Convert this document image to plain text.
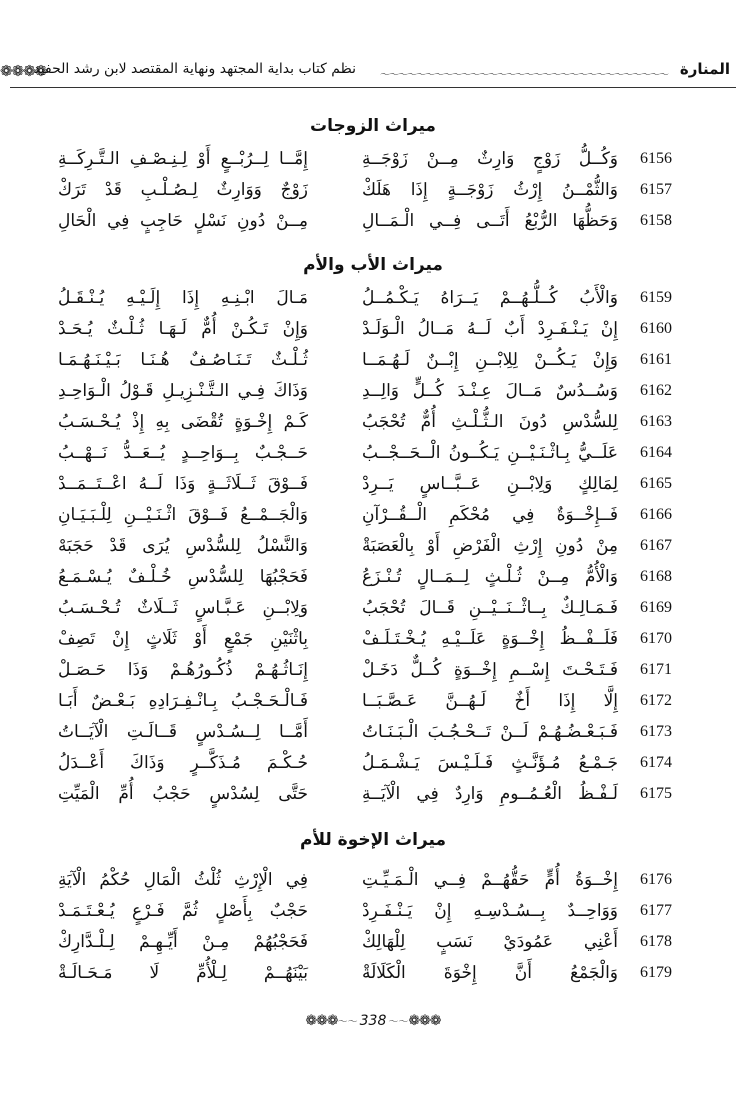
❁❁❁❁
نظم كتاب بداية المجتهد ونهاية المقتصد لابن رشد الحفيد 〜〜〜〜〜〜〜〜〜〜〜〜〜〜〜〜〜〜〜〜〜〜〜〜〜〜〜〜〜〜〜〜 المنارة
ميراث الزوجات
6156
وَكُــلُّ زَوْجٍ وَارِثٌ مِــنْ زَوْجَــةِ
إِمَّــا لِــرُبْــعٍ أَوْ لِـنِـصْـفِ الـتَّـرِكَــةِ
6157
وَالثُّمْــنُ إِرْثُ زَوْجَــةٍ إِذَا هَلَكْ
زَوْجٌ وَوَارِثٌ لِـصُـلْـبِ قَدْ تَرَكْ
6158
وَحَظُّهَا الرُّبْعُ أَتَــى فِــي الْـمَــالِ
مِــنْ دُونِ نَسْلٍ حَاجِبٍ فِي الْحَالِ
ميراث الأب والأم
6159
وَالْأَبُ كُــلُّـهُــمْ يَــرَاهُ يَـكْـمُــلُ
مَـالَ ابْـنِـهِ إِذَا إِلَـيْـهِ يُـنْـقَـلُ
6160
إِنْ يَـنْـفَـرِدْ أَبٌ لَــهُ مَــالُ الْـوَلَـدْ
وَإِنْ تَـكُـنْ أُمٌّ لَـهَـا ثُـلْـثٌ يُـحَـدْ
6161
وَإِنْ يَـكُــنْ لِلِابْــنِ إِبْــنٌ لَـهُـمَــا
ثُـلْـثٌ تَـنَـاصُـفٌ هُـنَـا بَـيْـنَـهُـمَـا
6162
وَسُــدُسٌ مَــالَ عِـنْـدَ كُــلٍّ وَالِــدِ
وَذَاكَ فِـي الـتَّـنْـزِيـلِ قَـوْلُ الْـوَاحِـدِ
6163
لِلسُّدْسِ دُونَ الـثُّـلْـثِ أُمٌّ تُحْجَبُ
كَـمْ إِخْـوَةٍ تُقْضَى بِهِ إِذْ يُـحْـسَـبُ
6164
عَلَــيُّ بِـاثْـنَـيْــنِ يَـكُــونُ الْــحَــجْــبُ
حَــجْـبٌ بِــوَاحِــدٍ يُــعَــدُّ نَــهْــبُ
6165
لِمَالِكٍ وَلِابْــنِ عَــبَّــاسٍ يَــرِدْ
فَــوْقَ ثَــلَاثَــةٍ وَذَا لَــهُ اعْــتَــمَــدْ
6166
فَــإِخْــوَةٌ فِي مُحْكَمِ الْــقُــرْآنِ
وَالْجَــمْــعُ فَــوْقَ اثْـنَـيْــنِ لِلْـبَـيَـانِ
6167
مِنْ دُونِ إِرْثِ الْفَرْضِ أَوْ بِالْعَصَبَةْ
وَالنَّسْلُ لِلسُّدْسِ يُرَى قَدْ حَجَبَهْ
6168
وَالْأُمُّ مِــنْ ثُـلْـثٍ لِــمَــالٍ تُـنْـزَعُ
فَحَجْبُهَا لِلسُّدْسِ خُـلْـفٌ يُـسْـمَـعُ
6169
فَـمَـالِـكٌ بِــاثْــنَــيْــنِ قَــالَ تُحْجَبُ
وَلِابْــنِ عَـبَّـاسٍ ثَــلَاثٌ تُـحْـسَـبُ
6170
فَلَــفْــظُ إِخْــوَةٍ عَلَــيْـهِ يُـخْـتَـلَـفْ
بِاثْنَيْنِ جَمْعٍ أَوْ ثَلَاثٍ إِنْ تَصِفْ
6171
فَـتَـحْـتَ إِسْــمِ إِخْــوَةٍ كُــلٌّ دَخَـلْ
إِنَـاثُـهُـمْ ذُكُـورُهُـمْ وَذَا حَـصَـلْ
6172
إِلَّا إِذَا أَخٌ لَـهُــنَّ عَـصَّـبَــا
فَـالْـحَـجْـبُ بِـانْـفِـرَادِهِ بَـعْـضٌ أَبَـا
6173
فَـبَـعْـضُـهُـمْ لَــنْ تَــحْـجُـبَ الْـبَـنَـاتُ
أَمَّــا لِــسُـدْسٍ قَــالَـتِ الْآيَــاتُ
6174
جَـمْـعُ مُـؤَنَّـثٍ فَـلَـيْـسَ يَـشْـمَـلُ
حُـكْـمَ مُـذَكَّــرٍ وَذَاكَ أَعْــدَلُ
6175
لَـفْـظُ الْعُـمُــومِ وَارِدٌ فِي الْآيَــةِ
حَتَّى لِسُدْسٍ حَجْبُ أُمِّ الْمَيِّتِ
ميراث الإخوة للأم
6176
إِخْــوَةُ أُمٍّ حَقُّهُــمْ فِــي الْـمَـيِّـتِ
فِي الْإِرْثِ ثُلْثُ الْمَالِ حُكْمُ الْآيَةِ
6177
وَوَاحِــدٌ بِــسُـدْسِـهِ إِنْ يَـنْـفَـرِدْ
حَجْبٌ بِأَصْلٍ ثُمَّ فَـرْعٍ يُـعْـتَـمَـدْ
6178
أَعْنِي عَمُودَيْ نَسَبٍ لِلْهَالِكْ
فَحَجْبُهُمْ مِـنْ أَيِّـهِـمْ لِـلْـدَّارِكْ
6179
وَالْجَمْعُ أَنَّ إِخْوَةَ الْكَلَالَةْ
بَيْنَهُــمْ لِـلْأُمِّ لَا مَـحَـالَـةْ
❁❁❁〜〜 338 〜〜❁❁❁
